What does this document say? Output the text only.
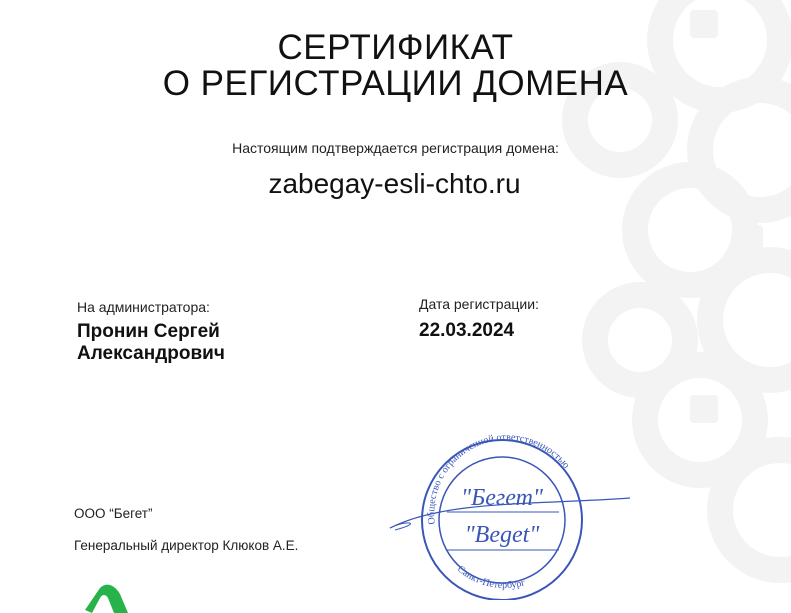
СЕРТИФИКАТ
О РЕГИСТРАЦИИ ДОМЕНА
Настоящим подтверждается регистрация домена:
zabegay-esli-chto.ru
На администратора:
Пронин Сергей
Александрович
Дата регистрации:
22.03.2024
ООО “Бегет”
Генеральный директор Клюков А.Е.
Общество с ограниченной ответственностью
Санкт-Петербург
"Бегет"
"Beget"
